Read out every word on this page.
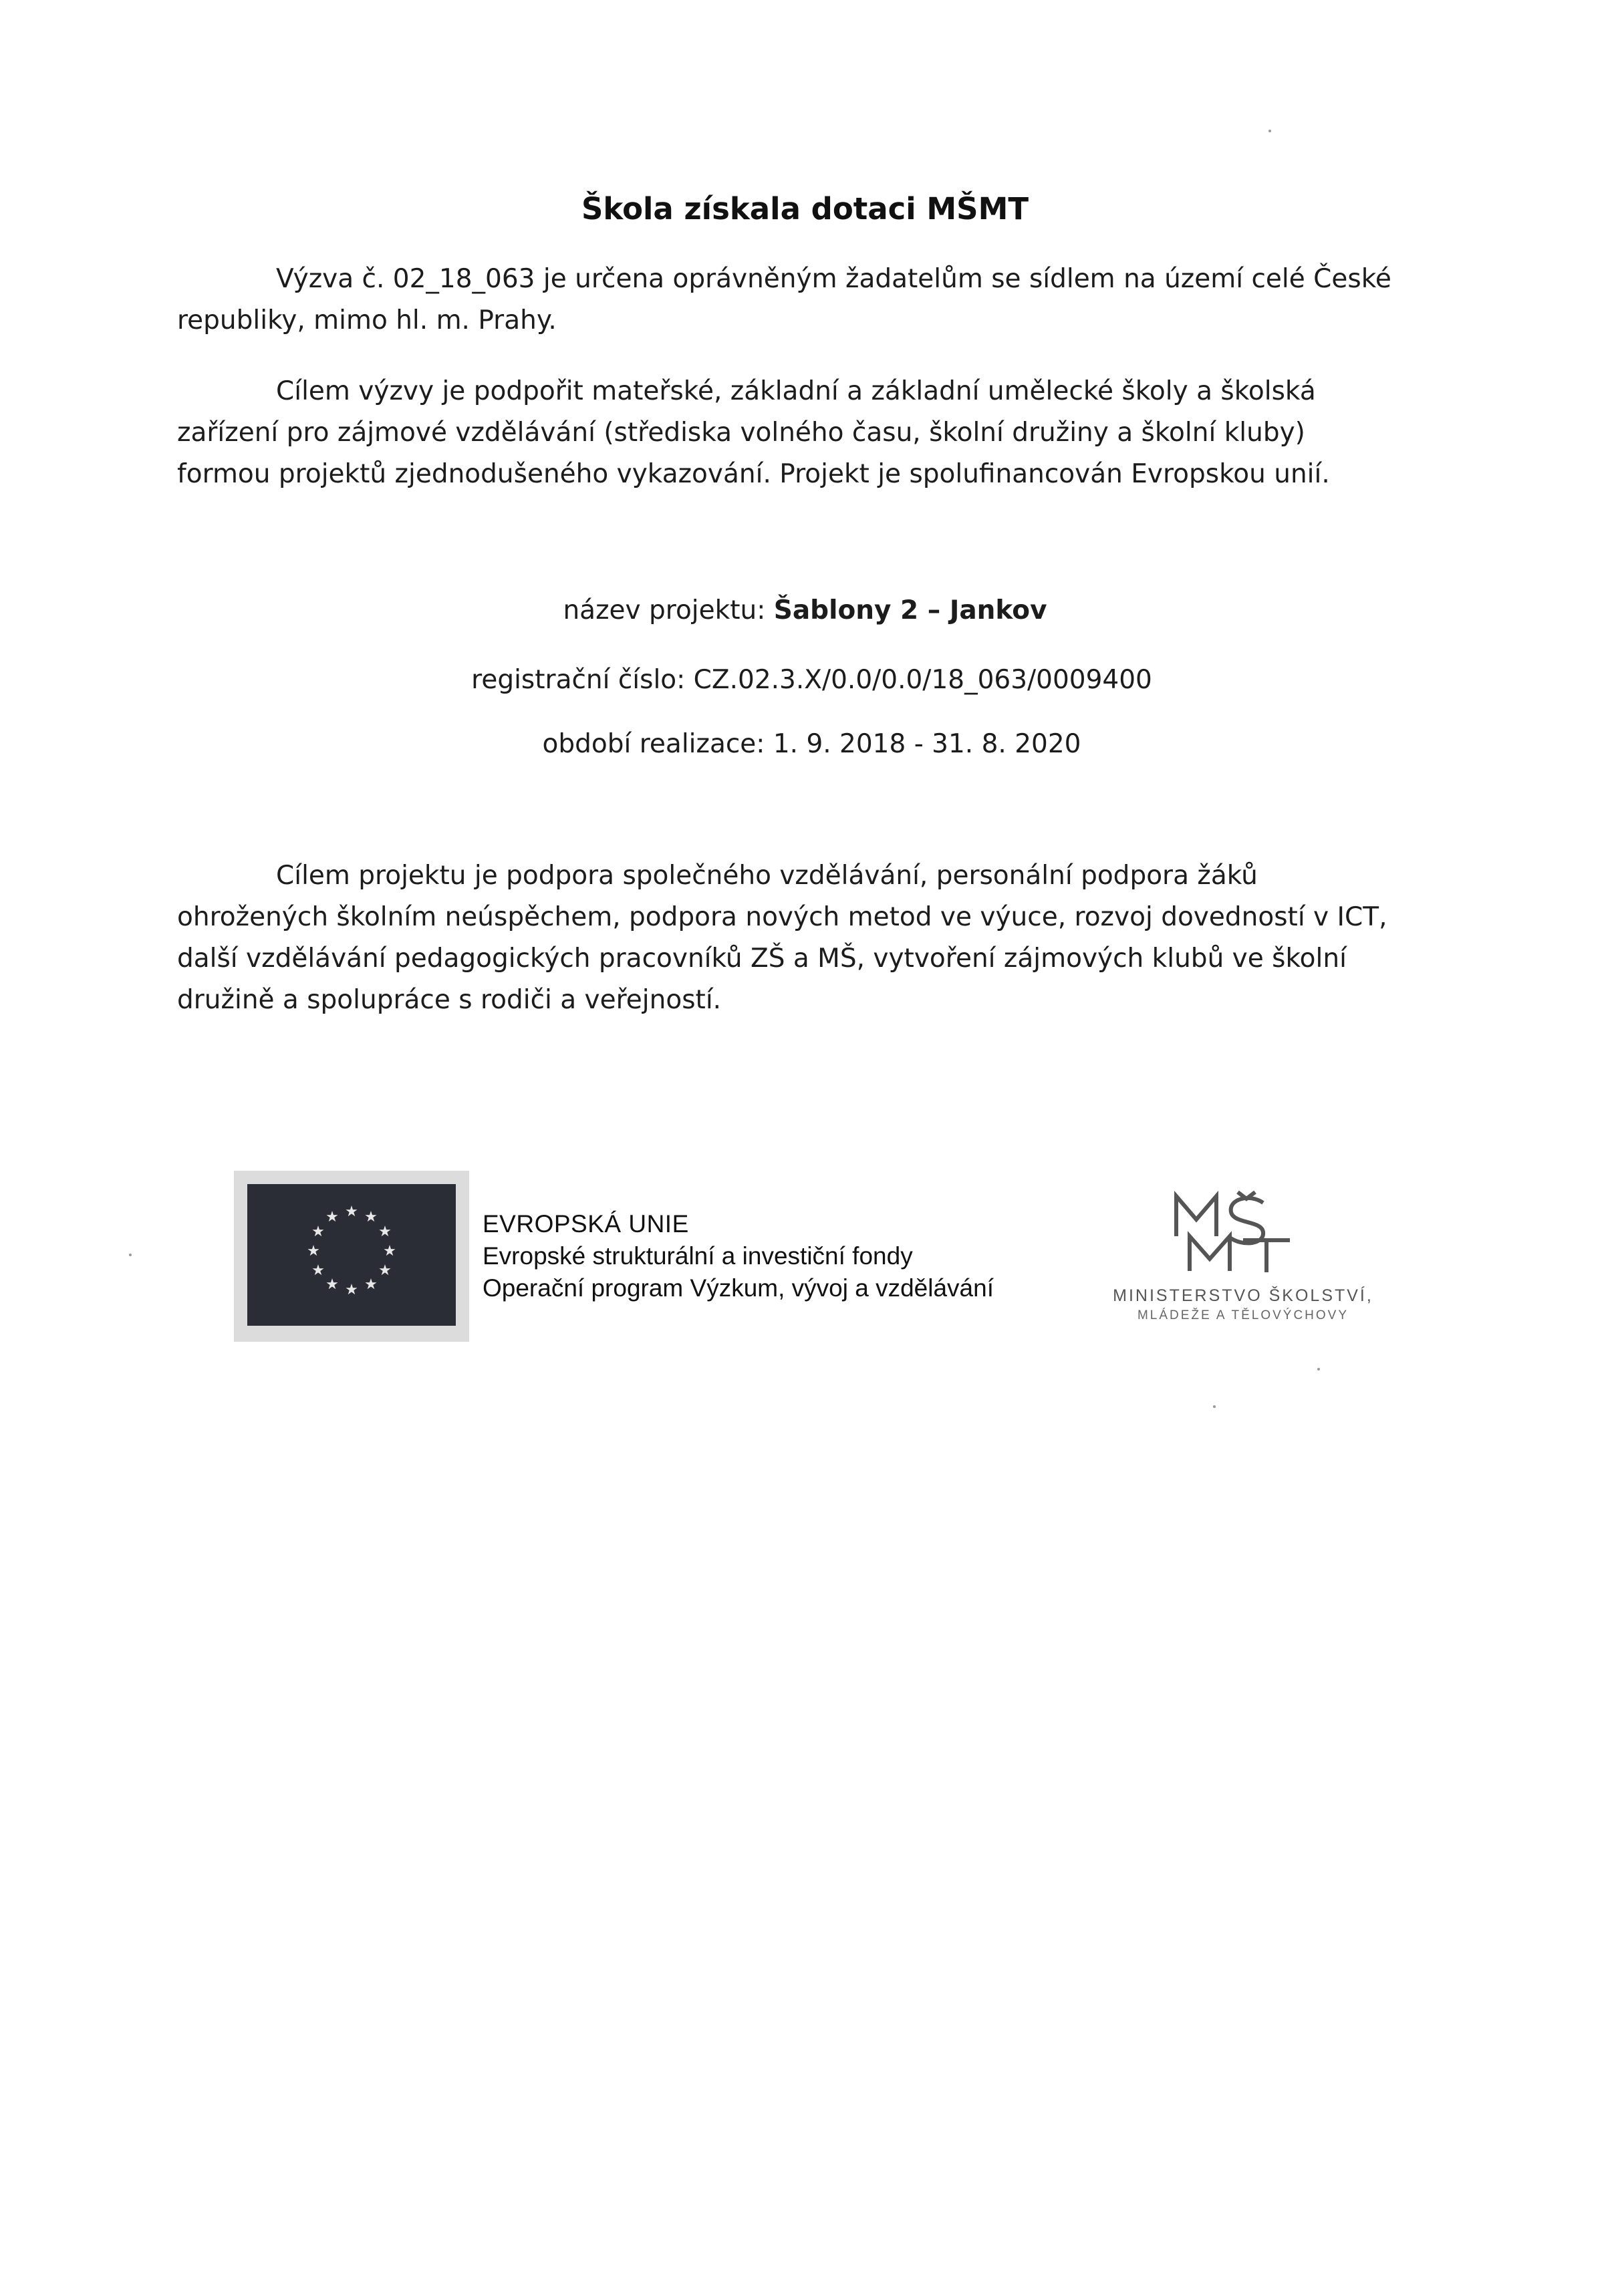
Škola získala dotaci MŠMT
Výzva č. 02_18_063 je určena oprávněným žadatelům se sídlem na území celé České
republiky, mimo hl. m. Prahy.
Cílem výzvy je podpořit mateřské, základní a základní umělecké školy a školská
zařízení pro zájmové vzdělávání (střediska volného času, školní družiny a školní kluby)
formou projektů zjednodušeného vykazování. Projekt je spolufinancován Evropskou unií.
název projektu: Šablony 2 – Jankov
registrační číslo: CZ.02.3.X/0.0/0.0/18_063/0009400
období realizace: 1. 9. 2018 - 31. 8. 2020
Cílem projektu je podpora společného vzdělávání, personální podpora žáků
ohrožených školním neúspěchem, podpora nových metod ve výuce, rozvoj dovedností v ICT,
další vzdělávání pedagogických pracovníků ZŠ a MŠ, vytvoření zájmových klubů ve školní
družině a spolupráce s rodiči a veřejností.
★ ★
★
★
★
★
★
★
★
★
★
★	EVROPSKÁ UNIE
Evropské strukturální a investiční fondy
Operační program Výzkum, vývoj a vzdělávání	MINISTERSTVO ŠKOLSTVÍ,
MLÁDEŽE A TĚLOVÝCHOVY
